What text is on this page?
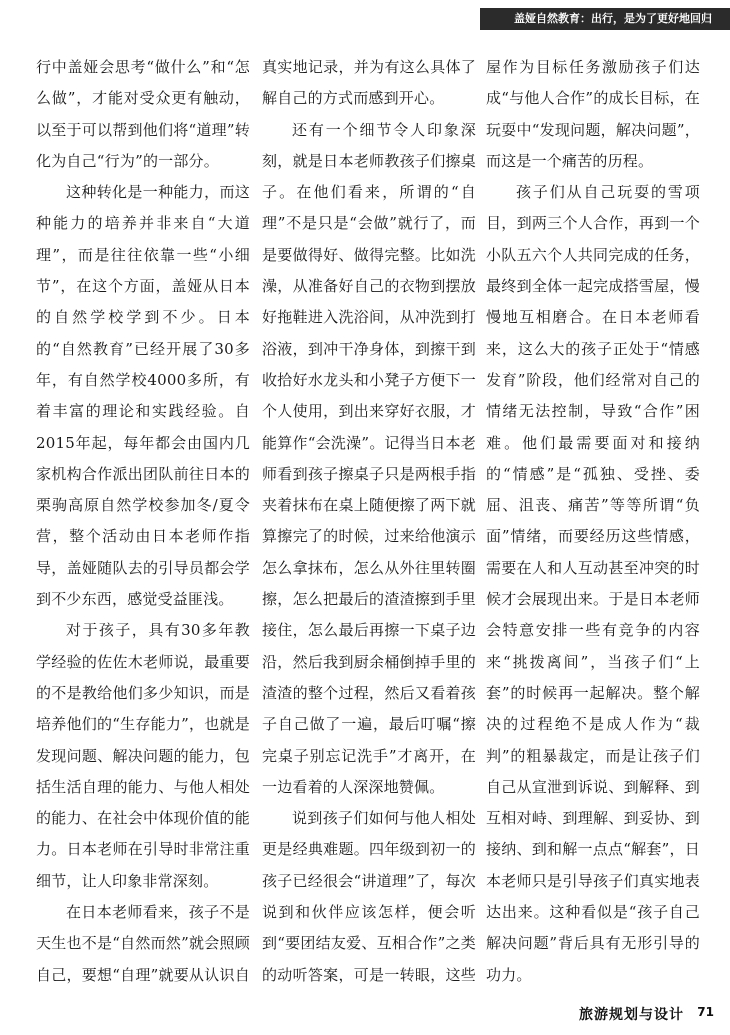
盖娅自然教育：出行，是为了更好地回归

行中盖娅会思考“做什么”和“怎么做”，才能对受众更有触动，以至于可以帮到他们将“道理”转化为自己“行为”的一部分。

这种转化是一种能力，而这种能力的培养并非来自“大道理”，而是往往依靠一些“小细节”，在这个方面，盖娅从日本的自然学校学到不少。日本的“自然教育”已经开展了30多年，有自然学校4000多所，有着丰富的理论和实践经验。自2015年起，每年都会由国内几家机构合作派出团队前往日本的栗驹高原自然学校参加冬/夏令营，整个活动由日本老师作指导，盖娅随队去的引导员都会学到不少东西，感觉受益匪浅。

对于孩子，具有30多年教学经验的佐佐木老师说，最重要的不是教给他们多少知识，而是培养他们的“生存能力”，也就是发现问题、解决问题的能力，包括生活自理的能力、与他人相处的能力、在社会中体现价值的能力。日本老师在引导时非常注重细节，让人印象非常深刻。

在日本老师看来，孩子不是天生也不是“自然而然”就会照顾自己，要想“自理”就要从认识自

真实地记录，并为有这么具体了解自己的方式而感到开心。

还有一个细节令人印象深刻，就是日本老师教孩子们擦桌子。在他们看来，所谓的“自理”不是只是“会做”就行了，而是要做得好、做得完整。比如洗澡，从准备好自己的衣物到摆放好拖鞋进入洗浴间，从冲洗到打浴液，到冲干净身体，到擦干到收拾好水龙头和小凳子方便下一个人使用，到出来穿好衣服，才能算作“会洗澡”。记得当日本老师看到孩子擦桌子只是两根手指夹着抹布在桌上随便擦了两下就算擦完了的时候，过来给他演示怎么拿抹布，怎么从外往里转圈擦，怎么把最后的渣渣擦到手里接住，怎么最后再擦一下桌子边沿，然后我到厨余桶倒掉手里的渣渣的整个过程，然后又看着孩子自己做了一遍，最后叮嘱“擦完桌子别忘记洗手”才离开，在一边看着的人深深地赞佩。

说到孩子们如何与他人相处更是经典难题。四年级到初一的孩子已经很会“讲道理”了，每次说到和伙伴应该怎样，便会听到“要团结友爱、互相合作”之类的动听答案，可是一转眼，这些

屋作为目标任务激励孩子们达成“与他人合作”的成长目标，在玩耍中“发现问题，解决问题”，而这是一个痛苦的历程。

孩子们从自己玩耍的雪项目，到两三个人合作，再到一个小队五六个人共同完成的任务，最终到全体一起完成搭雪屋，慢慢地互相磨合。在日本老师看来，这么大的孩子正处于“情感发育”阶段，他们经常对自己的情绪无法控制，导致“合作”困难。他们最需要面对和接纳的“情感”是“孤独、受挫、委屈、沮丧、痛苦”等等所谓“负面”情绪，而要经历这些情感，需要在人和人互动甚至冲突的时候才会展现出来。于是日本老师会特意安排一些有竞争的内容来“挑拨离间”，当孩子们“上套”的时候再一起解决。整个解决的过程绝不是成人作为“裁判”的粗暴裁定，而是让孩子们自己从宣泄到诉说、到解释、到互相对峙、到理解、到妥协、到接纳、到和解一点点“解套”，日本老师只是引导孩子们真实地表达出来。这种看似是“孩子自己解决问题”背后具有无形引导的功力。

旅游规划与设计 71
